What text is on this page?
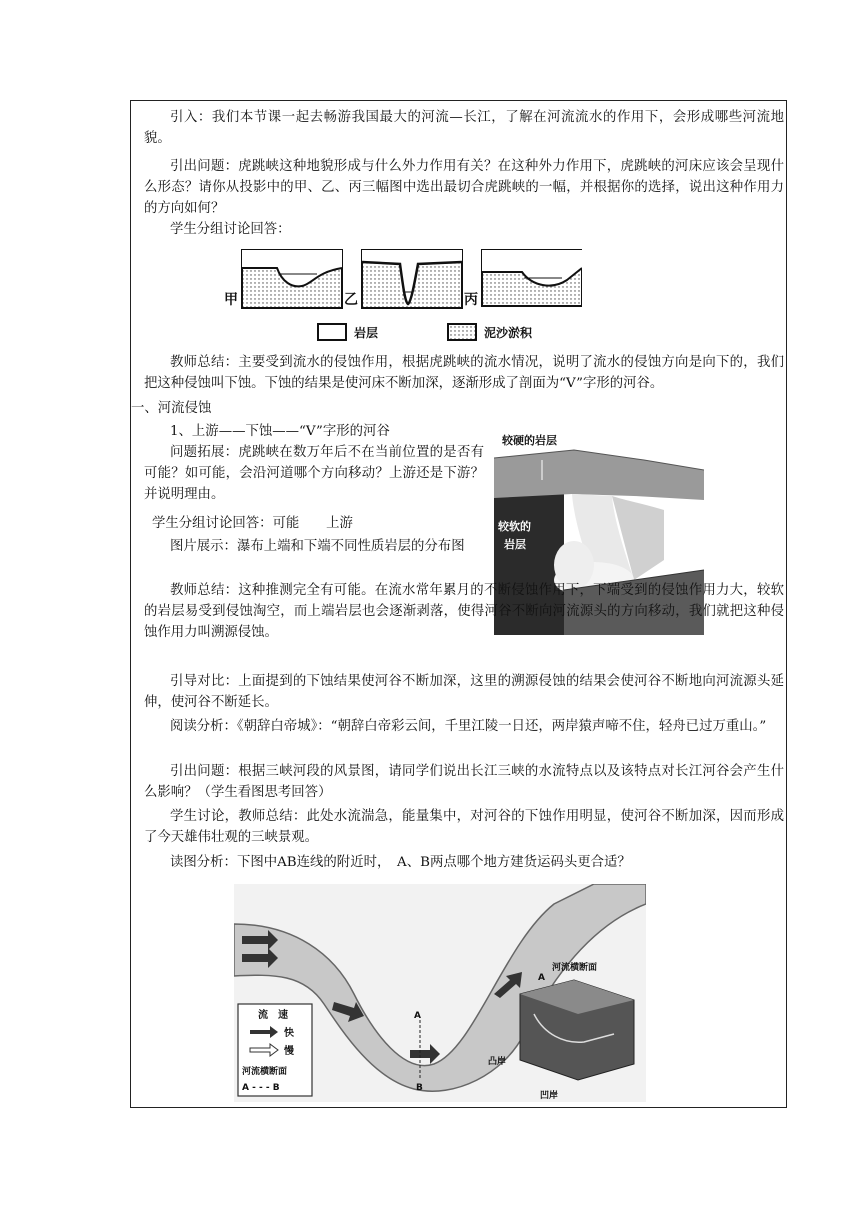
引入：我们本节课一起去畅游我国最大的河流—长江，了解在河流流水的作用下，会形成哪些河流地貌。

引出问题：虎跳峡这种地貌形成与什么外力作用有关？在这种外力作用下，虎跳峡的河床应该会呈现什么形态？请你从投影中的甲、乙、丙三幅图中选出最切合虎跳峡的一幅，并根据你的选择，说出这种作用力的方向如何？

学生分组讨论回答：

甲	乙	丙
岩层	泥沙淤积

教师总结：主要受到流水的侵蚀作用，根据虎跳峡的流水情况，说明了流水的侵蚀方向是向下的，我们把这种侵蚀叫下蚀。下蚀的结果是使河床不断加深，逐渐形成了剖面为“V”字形的河谷。

一、河流侵蚀

1、上游——下蚀——“V”字形的河谷

问题拓展：虎跳峡在数万年后不在当前位置的是否有可能？如可能，会沿河道哪个方向移动？上游还是下游？并说明理由。

学生分组讨论回答：可能　　上游

图片展示：瀑布上端和下端不同性质岩层的分布图

较硬的岩层
较软的
岩层

教师总结：这种推测完全有可能。在流水常年累月的不断侵蚀作用下，下端受到的侵蚀作用力大，较软的岩层易受到侵蚀淘空，而上端岩层也会逐渐剥落，使得河谷不断向河流源头的方向移动，我们就把这种侵蚀作用力叫溯源侵蚀。

引导对比：上面提到的下蚀结果使河谷不断加深，这里的溯源侵蚀的结果会使河谷不断地向河流源头延伸，使河谷不断延长。

阅读分析：《朝辞白帝城》：“朝辞白帝彩云间，千里江陵一日还，两岸猿声啼不住，轻舟已过万重山。”

引出问题：根据三峡河段的风景图，请同学们说出长江三峡的水流特点以及该特点对长江河谷会产生什么影响？（学生看图思考回答）

学生讨论，教师总结：此处水流湍急，能量集中，对河谷的下蚀作用明显，使河谷不断加深，因而形成了今天雄伟壮观的三峡景观。

读图分析：下图中AB连线的附近时，　A、B两点哪个地方建货运码头更合适？

流　速
快
慢
河流横断面
A - - - B
A
B
河流横断面
A
凸岸
凹岸
